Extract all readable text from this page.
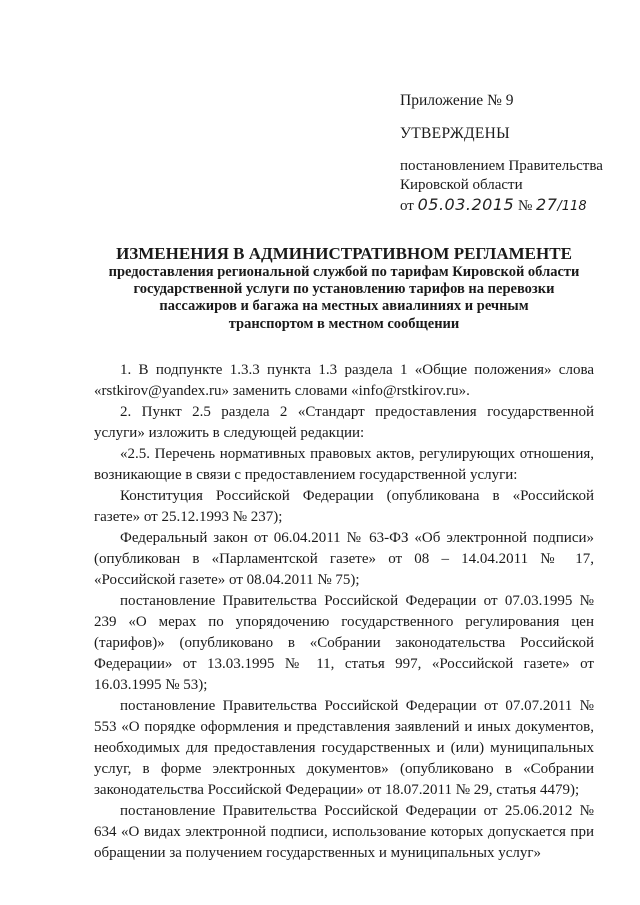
Приложение № 9
УТВЕРЖДЕНЫ
постановлением Правительства
Кировской области
от 05.03.2015 № 27/118
ИЗМЕНЕНИЯ В АДМИНИСТРАТИВНОМ РЕГЛАМЕНТЕ
предоставления региональной службой по тарифам Кировской области
государственной услуги по установлению тарифов на перевозки
пассажиров и багажа на местных авиалиниях и речным
транспортом в местном сообщении

1. В подпункте 1.3.3 пункта 1.3 раздела 1 «Общие положения» слова «rstkirov@yandex.ru» заменить словами «info@rstkirov.ru».

2. Пункт 2.5 раздела 2 «Стандарт предоставления государственной услуги» изложить в следующей редакции:

«2.5. Перечень нормативных правовых актов, регулирующих отношения, возникающие в связи с предоставлением государственной услуги:

Конституция Российской Федерации (опубликована в «Российской газете» от 25.12.1993 № 237);

Федеральный закон от 06.04.2011 № 63-ФЗ «Об электронной подписи» (опубликован в «Парламентской газете» от 08 – 14.04.2011 № 17, «Российской газете» от 08.04.2011 № 75);

постановление Правительства Российской Федерации от 07.03.1995 № 239 «О мерах по упорядочению государственного регулирования цен (тарифов)» (опубликовано в «Собрании законодательства Российской Федерации» от 13.03.1995 № 11, статья 997, «Российской газете» от 16.03.1995 № 53);

постановление Правительства Российской Федерации от 07.07.2011 № 553 «О порядке оформления и представления заявлений и иных документов, необходимых для предоставления государственных и (или) муниципальных услуг, в форме электронных документов» (опубликовано в «Собрании законодательства Российской Федерации» от 18.07.2011 № 29, статья 4479);

постановление Правительства Российской Федерации от 25.06.2012 № 634 «О видах электронной подписи, использование которых допускается при обращении за получением государственных и муниципальных услуг»
